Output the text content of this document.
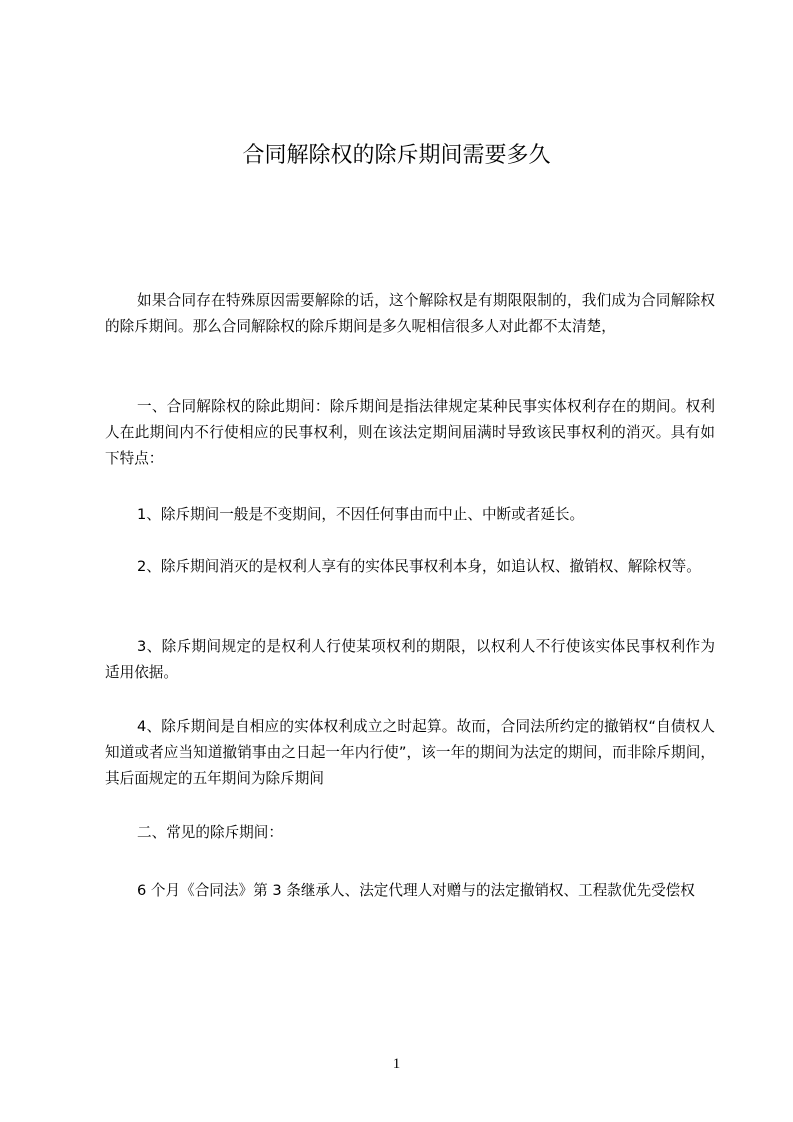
合同解除权的除斥期间需要多久

如果合同存在特殊原因需要解除的话，这个解除权是有期限限制的，我们成为合同解除权的除斥期间。那么合同解除权的除斥期间是多久呢相信很多人对此都不太清楚，

一、合同解除权的除此期间：除斥期间是指法律规定某种民事实体权利存在的期间。权利人在此期间内不行使相应的民事权利，则在该法定期间届满时导致该民事权利的消灭。具有如下特点：

1、除斥期间一般是不变期间，不因任何事由而中止、中断或者延长。

2、除斥期间消灭的是权利人享有的实体民事权利本身，如追认权、撤销权、解除权等。

3、除斥期间规定的是权利人行使某项权利的期限，以权利人不行使该实体民事权利作为适用依据。

4、除斥期间是自相应的实体权利成立之时起算。故而，合同法所约定的撤销权“自债权人知道或者应当知道撤销事由之日起一年内行使”，该一年的期间为法定的期间，而非除斥期间，其后面规定的五年期间为除斥期间

二、常见的除斥期间：

6 个月《合同法》第 3 条继承人、法定代理人对赠与的法定撤销权、工程款优先受偿权

1
